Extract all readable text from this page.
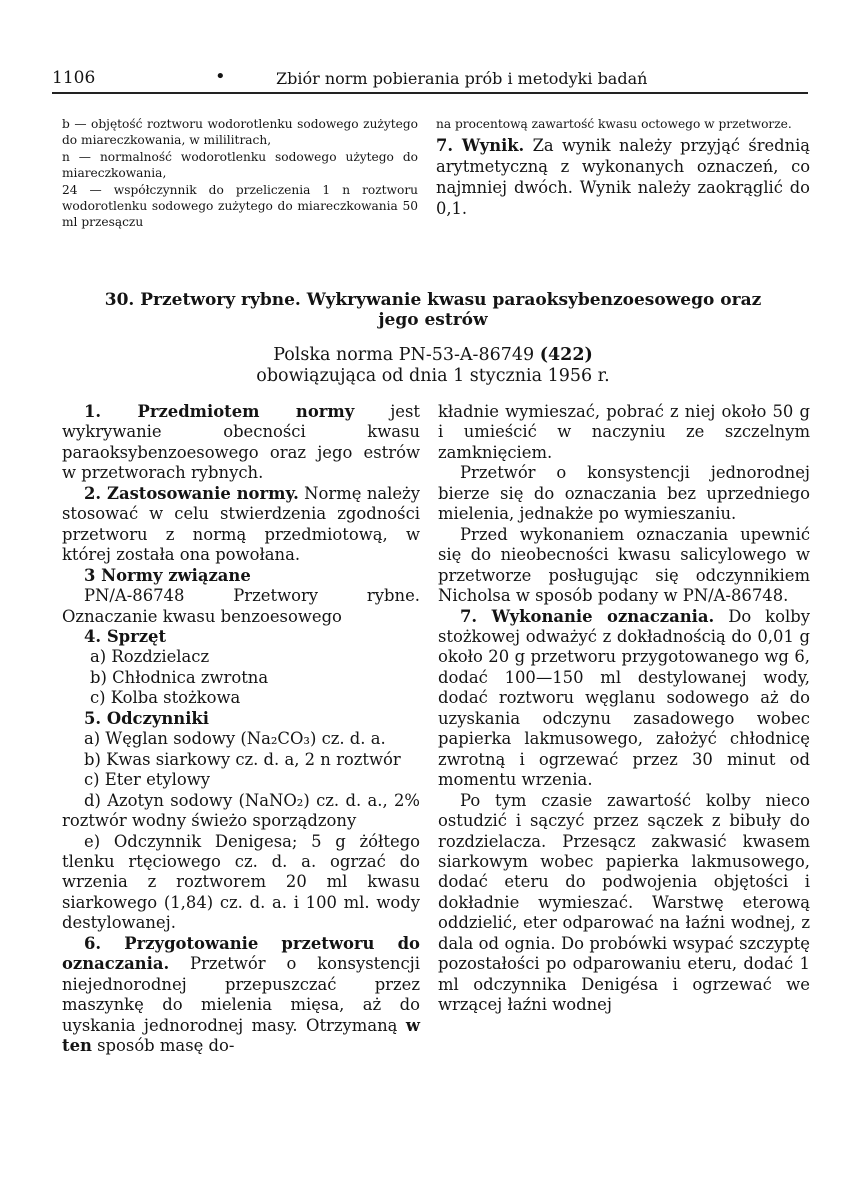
1106	•	Zbiór norm pobierania prób i metodyki badań

b — objętość roztworu wodorotlenku sodowego zużytego do miareczkowania, w mililitrach,

n — normalność wodorotlenku sodowego użytego do miareczkowania,

24 — współczynnik do przeliczenia 1 n roztworu wodorotlenku sodowego zużytego do miareczkowania 50 ml przesączu

na procentową zawartość kwasu octowego w przetworze.

7. Wynik. Za wynik należy przyjąć średnią arytmetyczną z wykonanych oznaczeń, co najmniej dwóch. Wynik należy zaokrąglić do 0,1.

30. Przetwory rybne. Wykrywanie kwasu paraoksybenzoesowego oraz
jego estrów
Polska norma PN-53-A-86749 (422)
obowiązująca od dnia 1 stycznia 1956 r.

1. Przedmiotem normy jest wykrywanie obecności kwasu paraoksybenzoesowego oraz jego estrów w przetworach rybnych.

2. Zastosowanie normy. Normę należy stosować w celu stwierdzenia zgodności przetworu z normą przedmiotową, w której została ona powołana.

3 Normy związane

PN/A-86748 Przetwory rybne. Oznaczanie kwasu benzoesowego

4. Sprzęt

a) Rozdzielacz

b) Chłodnica zwrotna

c) Kolba stożkowa

5. Odczynniki

a) Węglan sodowy (Na₂CO₃) cz. d. a.

b) Kwas siarkowy cz. d. a, 2 n roztwór

c) Eter etylowy

d) Azotyn sodowy (NaNO₂) cz. d. a., 2% roztwór wodny świeżo sporządzony

e) Odczynnik Denigesa; 5 g żółtego tlenku rtęciowego cz. d. a. ogrzać do wrzenia z roztworem 20 ml kwasu siarkowego (1,84) cz. d. a. i 100 ml. wody destylowanej.

6. Przygotowanie przetworu do oznaczania. Przetwór o konsystencji niejednorodnej przepuszczać przez maszynkę do mielenia mięsa, aż do uyskania jednorodnej masy. Otrzymaną w ten sposób masę do-

kładnie wymieszać, pobrać z niej około 50 g i umieścić w naczyniu ze szczelnym zamknięciem.

Przetwór o konsystencji jednorodnej bierze się do oznaczania bez uprzedniego mielenia, jednakże po wymieszaniu.

Przed wykonaniem oznaczania upewnić się do nieobecności kwasu salicylowego w przetworze posługując się odczynnikiem Nicholsa w sposób podany w PN/A-86748.

7. Wykonanie oznaczania. Do kolby stożkowej odważyć z dokładnością do 0,01 g około 20 g przetworu przygotowanego wg 6, dodać 100—150 ml destylowanej wody, dodać roztworu węglanu sodowego aż do uzyskania odczynu zasadowego wobec papierka lakmusowego, założyć chłodnicę zwrotną i ogrzewać przez 30 minut od momentu wrzenia.

Po tym czasie zawartość kolby nieco ostudzić i sączyć przez sączek z bibuły do rozdzielacza. Przesącz zakwasić kwasem siarkowym wobec papierka lakmusowego, dodać eteru do podwojenia objętości i dokładnie wymieszać. Warstwę eterową oddzielić, eter odparować na łaźni wodnej, z dala od ognia. Do probówki wsypać szczyptę pozostałości po odparowaniu eteru, dodać 1 ml odczynnika Denigésa i ogrzewać we wrzącej łaźni wodnej
